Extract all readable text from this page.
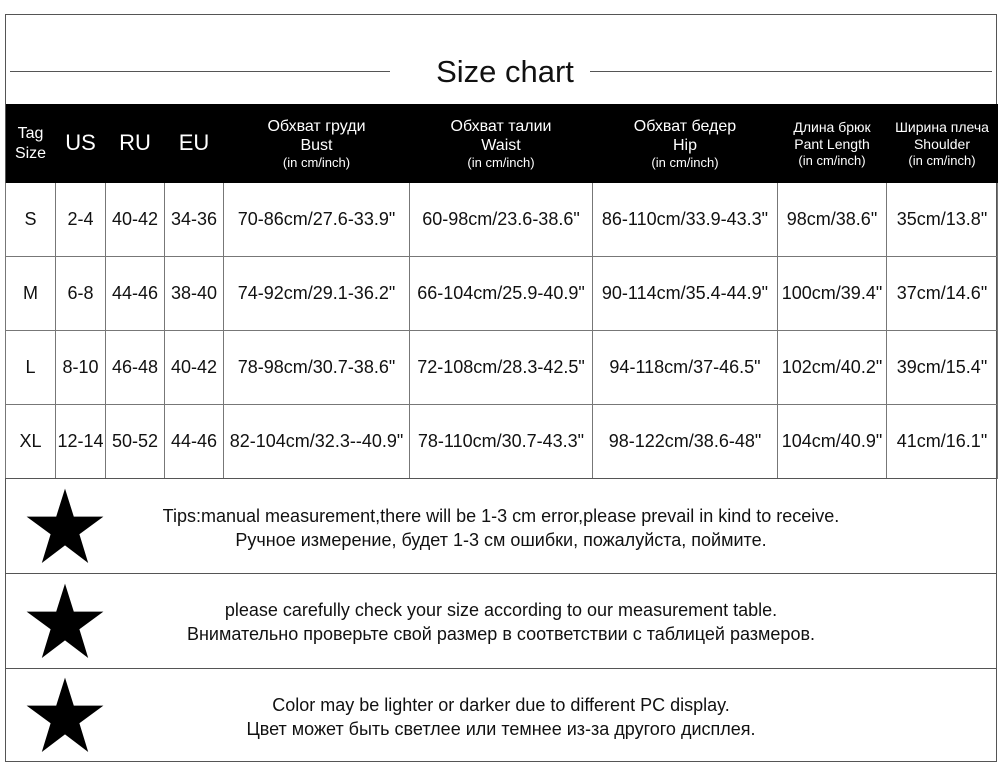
Size chart
Tag
Size	US	RU	EU	Обхват груди
Bust
(in cm/inch)	Обхват талии
Waist
(in cm/inch)	Обхват бедер
Hip
(in cm/inch)	Длина брюк
Pant Length
(in cm/inch)	Ширина плеча
Shoulder
(in cm/inch)

S	2-4	40-42	34-36	70-86cm/27.6-33.9"	60-98cm/23.6-38.6"	86-110cm/33.9-43.3"	98cm/38.6"	35cm/13.8"
M	6-8	44-46	38-40	74-92cm/29.1-36.2"	66-104cm/25.9-40.9"	90-114cm/35.4-44.9"	100cm/39.4"	37cm/14.6"
L	8-10	46-48	40-42	78-98cm/30.7-38.6"	72-108cm/28.3-42.5"	94-118cm/37-46.5"	102cm/40.2"	39cm/15.4"
XL	12-14	50-52	44-46	82-104cm/32.3--40.9"	78-110cm/30.7-43.3"	98-122cm/38.6-48"	104cm/40.9"	41cm/16.1"
Tips:manual measurement,there will be 1-3 cm error,please prevail in kind to receive.
Ручное измерение, будет 1-3 см ошибки, пожалуйста, поймите.
please carefully check your size according to our measurement table.
Внимательно проверьте свой размер в соответствии с таблицей размеров.
Color may be lighter or darker due to different PC display.
Цвет может быть светлее или темнее из-за другого дисплея.
